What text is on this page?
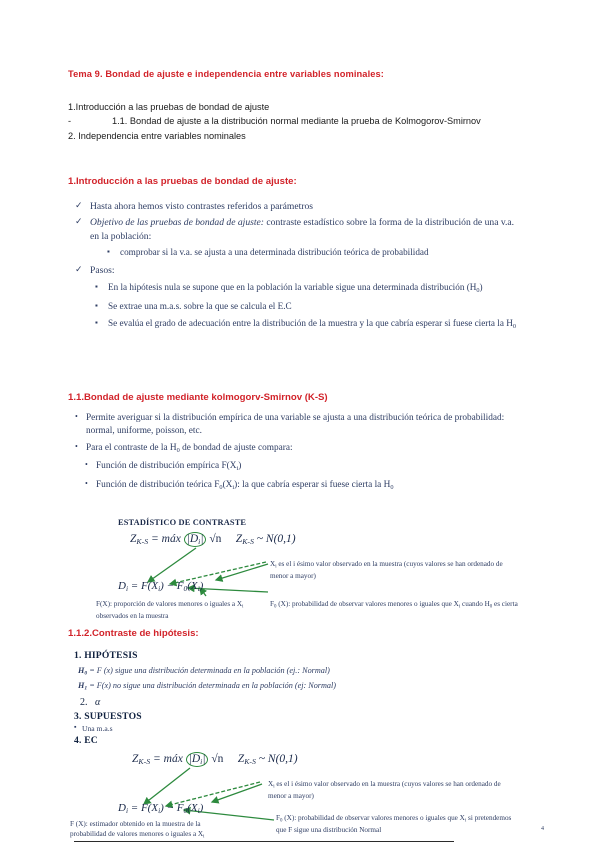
Tema 9. Bondad de ajuste e independencia entre variables nominales:
1.Introducción a las pruebas de bondad de ajuste
-	1.1. Bondad de ajuste a la distribución normal mediante la prueba de Kolmogorov-Smirnov
2. Independencia entre variables nominales
1.Introducción a las pruebas de bondad de ajuste:
✓ Hasta ahora hemos visto contrastes referidos a parámetros
✓ Objetivo de las pruebas de bondad de ajuste: contraste estadístico sobre la forma de la distribución de una v.a. en la población:
▪ comprobar si la v.a. se ajusta a una determinada distribución teórica de probabilidad
✓ Pasos:
▪ En la hipótesis nula se supone que en la población la variable sigue una determinada distribución $(H_0)$
▪ Se extrae una m.a.s. sobre la que se calcula el E.C
▪ Se evalúa el grado de adecuación entre la distribución de la muestra y la que cabría esperar si fuese cierta la $H_0$
1.1.Bondad de ajuste mediante kolmogorv-Smirnov (K-S)
• Permite averiguar si la distribución empírica de una variable se ajusta a una distribución teórica de probabilidad: normal, uniforme, poisson, etc.
• Para el contraste de la $H_0$ de bondad de ajuste compara:
• Función de distribución empírica $F(X_i)$
• Función de distribución teórica $F_0(X_i)$: la que cabría esperar si fuese cierta la $H_0$
ESTADÍSTICO DE CONTRASTE
$Z_{K-S}$ = máx $|D_i|$ √n $Z_{K-S}$ ~ N(0,1)
$X_i$ es el i ésimo valor observado en la muestra (cuyos valores se han ordenado de menor a mayor)
$D_i = F(X_i) - F_0(X_i)$
F(X): proporción de valores menores o iguales a $X_i$ observados en la muestra
$F_0$ (X): probabilidad de observar valores menores o iguales que $X_i$ cuando $H_0$ es cierta
1.1.2.Contraste de hipótesis:
1. HIPÓTESIS
$H_0 = F$ (x) sigue una distribución determinada en la población (ej.: Normal)
$H_1 = F(x)$ no sigue una distribución determinada en la población (ej: Normal)
2. α
3. SUPUESTOS
▪ Una m.a.s
4. EC
$Z_{K-S}$ = máx $|D_i|$ √n $Z_{K-S}$ ~ N(0,1)
$X_i$ es el i ésimo valor observado en la muestra (cuyos valores se han ordenado de menor a mayor)
$D_i = F(X_i) - F_0(X_i)$
F (X): estimador obtenido en la muestra de la probabilidad de valores menores o iguales a $X_i$
$F_0$ (X): probabilidad de observar valores menores o iguales que $X_i$ si pretendemos que F sigue una distribución Normal	4
